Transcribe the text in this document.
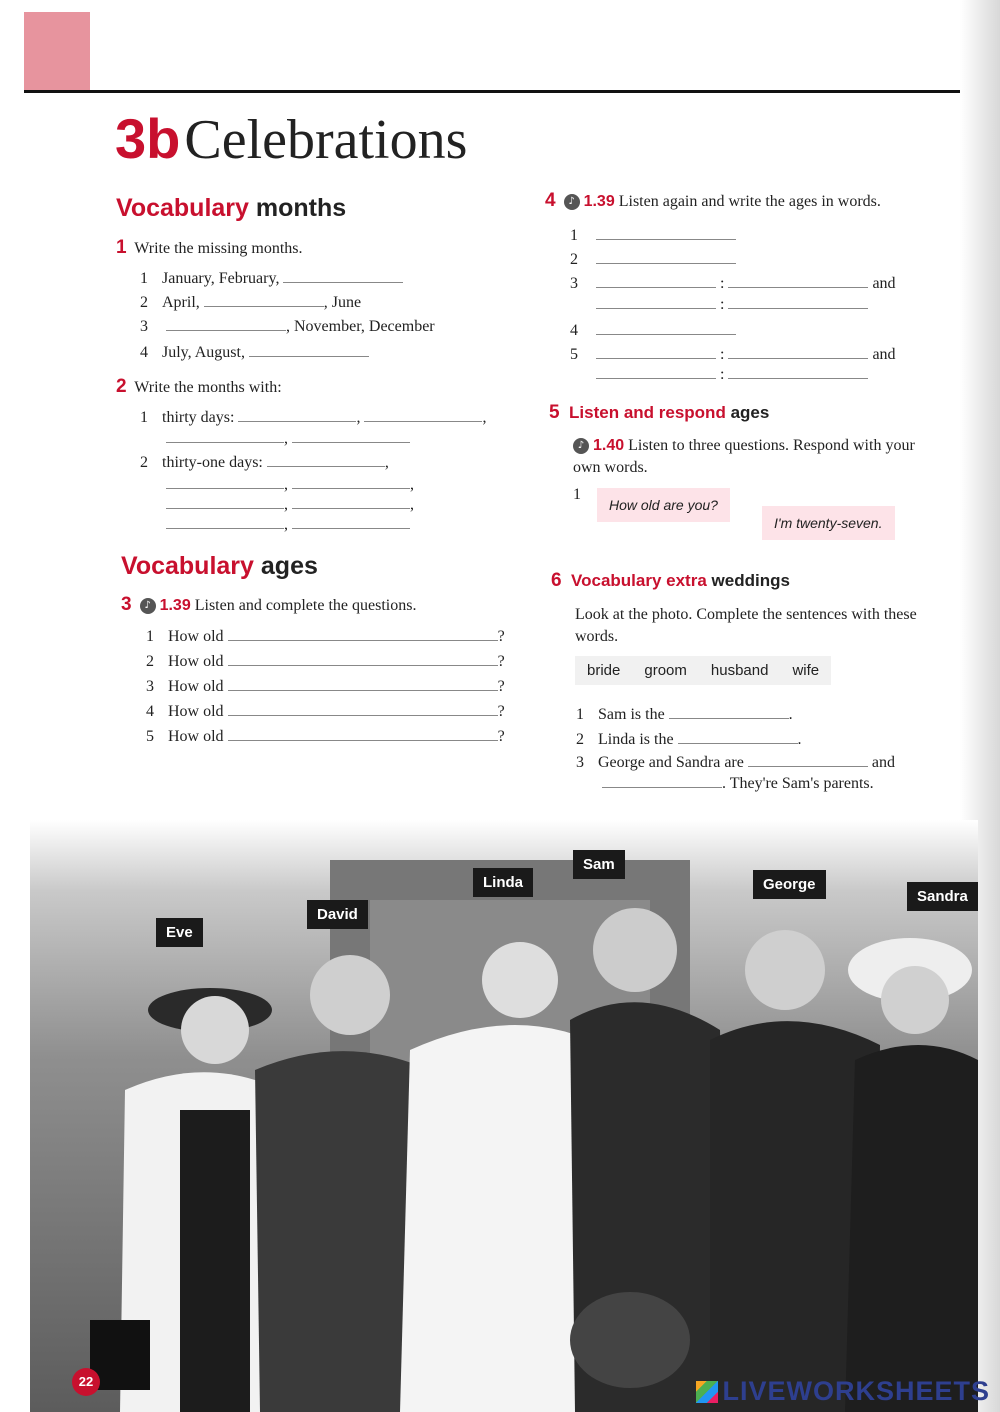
3b Celebrations
Vocabulary months
1 Write the missing months.
1 January, February,
2 April,	, June
3	, November, December
4 July, August,
2 Write the months with:
1 thirty days:	,	,
,
2 thirty-one days:	,
,	,
,	,
,
Vocabulary ages
3 ♪ 1.39 Listen and complete the questions.
1 How old	?
2 How old	?
3 How old	?
4 How old	?
5 How old	?
4 ♪ 1.39 Listen again and write the ages in words.
1
2
3	:	and
:
4
5	:	and
:
5 Listen and respond ages
♪ 1.40 Listen to three questions. Respond with your own words.
1
How old are you?
I'm twenty-seven.
6 Vocabulary extra weddings
Look at the photo. Complete the sentences with these words.
bride	groom	husband	wife
1 Sam is the	.
2 Linda is the	.
3 George and Sandra are	and
. They're Sam's parents.
Eve
David
Linda
Sam
George
Sandra
22	LIVEWORKSHEETS
